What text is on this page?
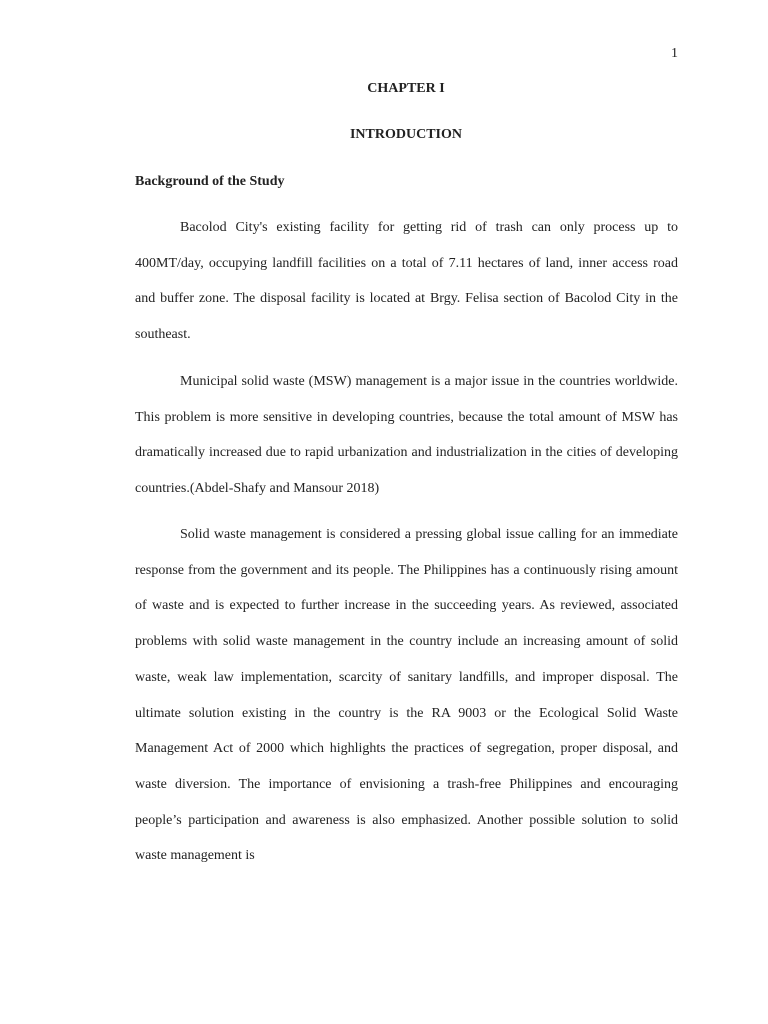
1
CHAPTER I
INTRODUCTION
Background of the Study

Bacolod City's existing facility for getting rid of trash can only process up to 400MT/day, occupying landfill facilities on a total of 7.11 hectares of land, inner access road and buffer zone. The disposal facility is located at Brgy. Felisa section of Bacolod City in the southeast.

Municipal solid waste (MSW) management is a major issue in the countries worldwide. This problem is more sensitive in developing countries, because the total amount of MSW has dramatically increased due to rapid urbanization and industrialization in the cities of developing countries.(Abdel-Shafy and Mansour 2018)

Solid waste management is considered a pressing global issue calling for an immediate response from the government and its people. The Philippines has a continuously rising amount of waste and is expected to further increase in the succeeding years. As reviewed, associated problems with solid waste management in the country include an increasing amount of solid waste, weak law implementation, scarcity of sanitary landfills, and improper disposal. The ultimate solution existing in the country is the RA 9003 or the Ecological Solid Waste Management Act of 2000 which highlights the practices of segregation, proper disposal, and waste diversion. The importance of envisioning a trash-free Philippines and encouraging people’s participation and awareness is also emphasized. Another possible solution to solid waste management is
